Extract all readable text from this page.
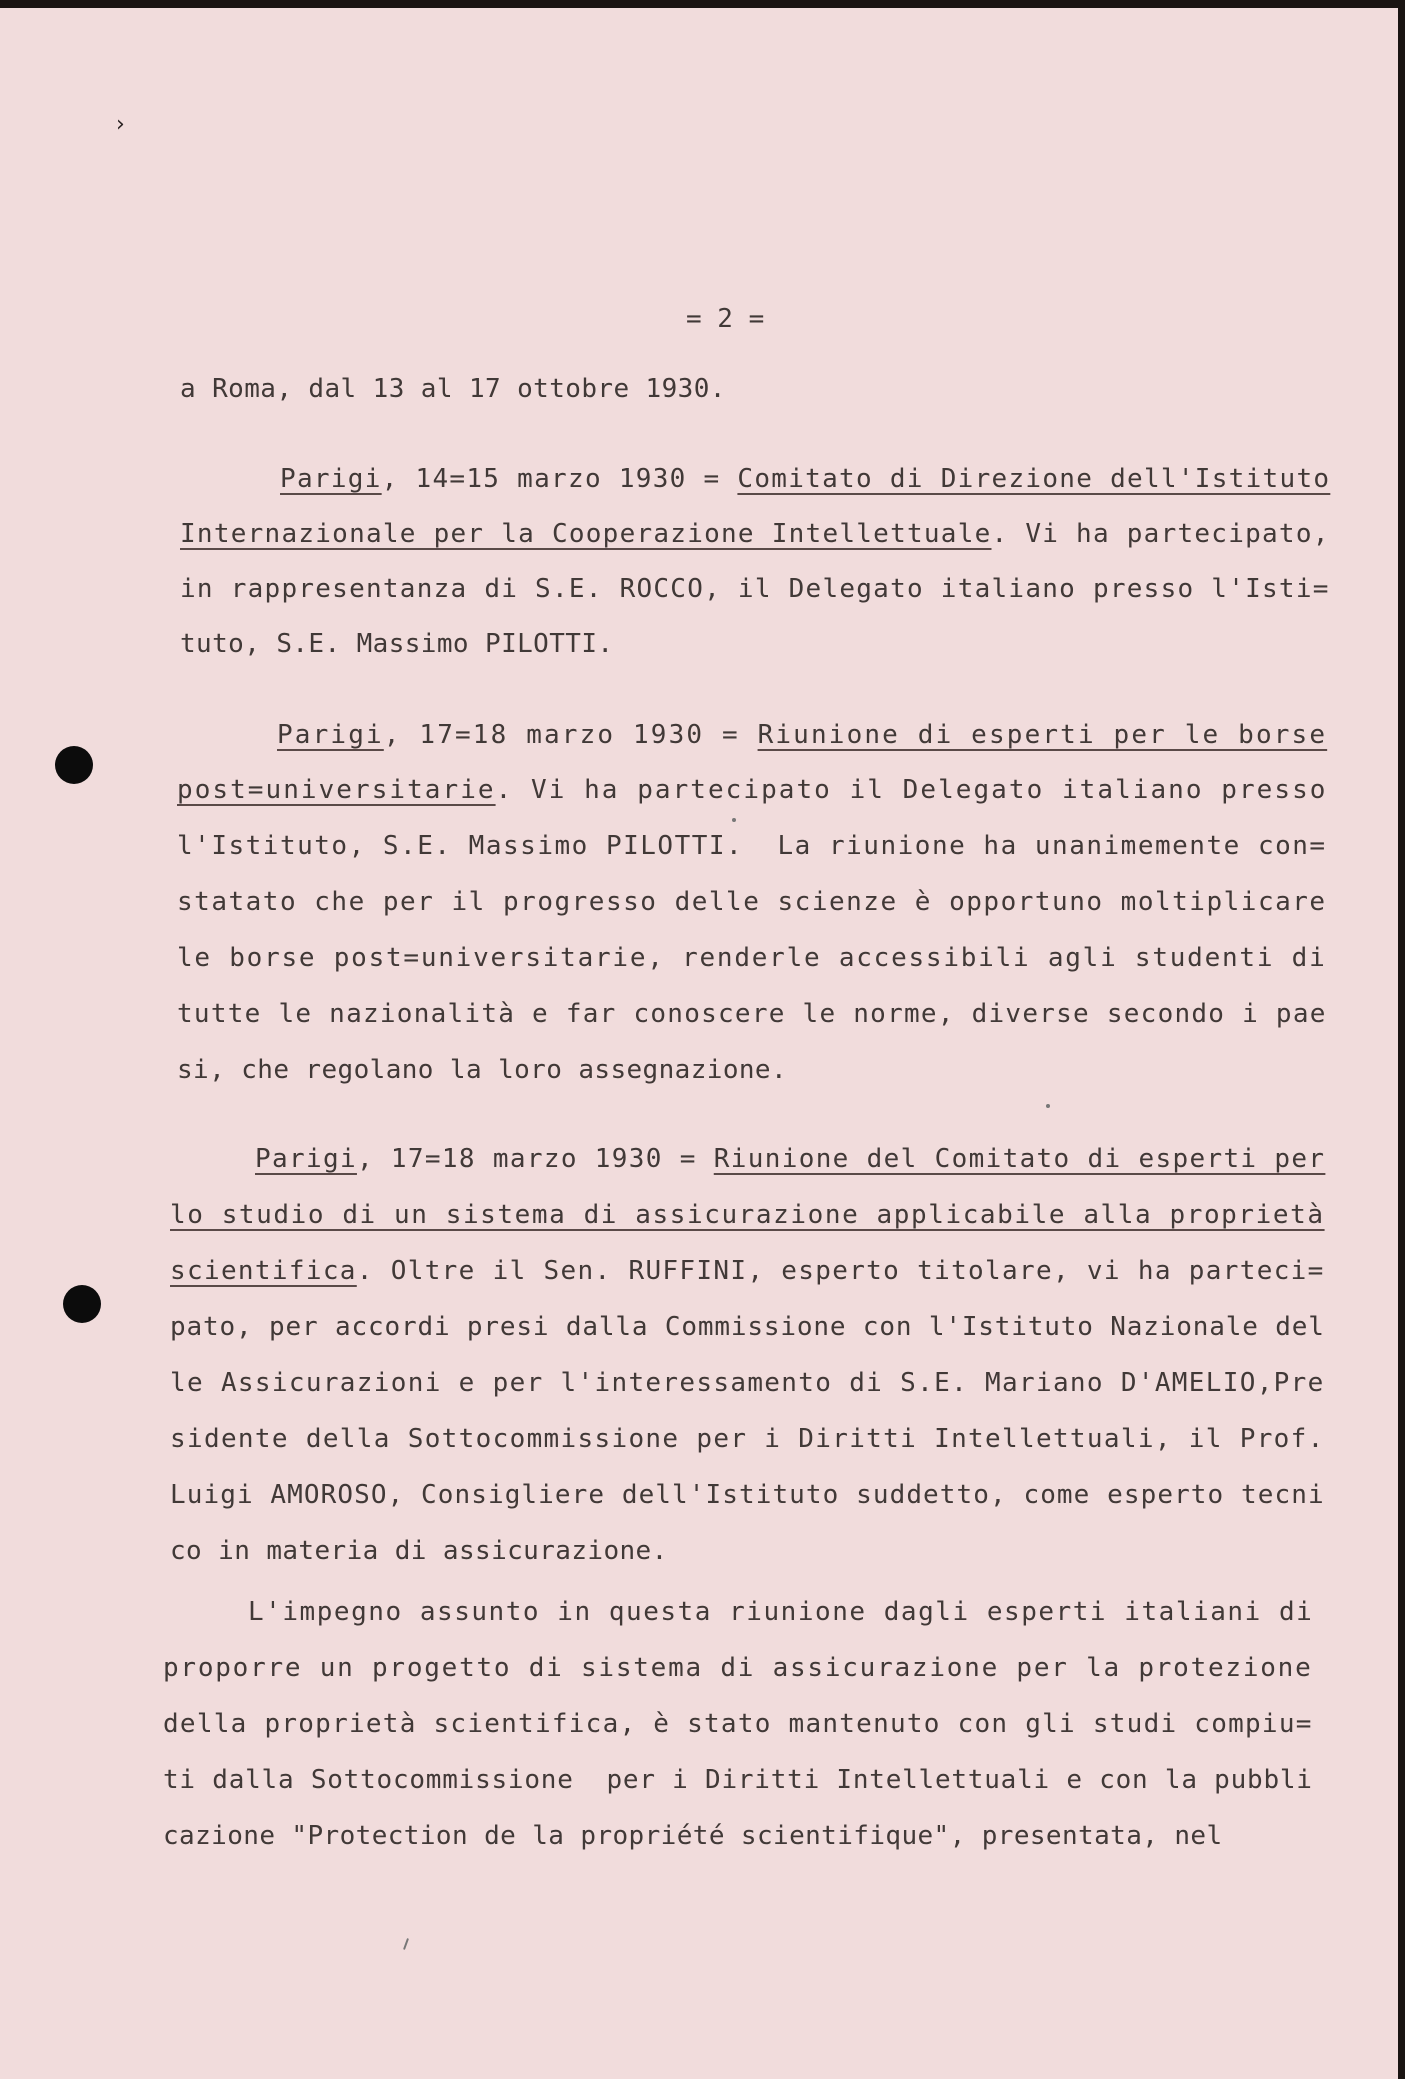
›

= 2 =

a Roma, dal 13 al 17 ottobre 1930.

Parigi, 14=15 marzo 1930 = Comitato di Direzione dell'Istituto

Internazionale per la Cooperazione Intellettuale. Vi ha partecipato,

in rappresentanza di S.E. ROCCO, il Delegato italiano presso l'Isti=

tuto, S.E. Massimo PILOTTI.

Parigi, 17=18 marzo 1930 = Riunione di esperti per le borse

post=universitarie. Vi ha partecipato il Delegato italiano presso

l'Istituto, S.E. Massimo PILOTTI.  La riunione ha unanimemente con=

statato che per il progresso delle scienze è opportuno moltiplicare

le borse post=universitarie, renderle accessibili agli studenti di

tutte le nazionalità e far conoscere le norme, diverse secondo i pae

si, che regolano la loro assegnazione.

Parigi, 17=18 marzo 1930 = Riunione del Comitato di esperti per

lo studio di un sistema di assicurazione applicabile alla proprietà

scientifica. Oltre il Sen. RUFFINI, esperto titolare, vi ha parteci=

pato, per accordi presi dalla Commissione con l'Istituto Nazionale del

le Assicurazioni e per l'interessamento di S.E. Mariano D'AMELIO,Pre

sidente della Sottocommissione per i Diritti Intellettuali, il Prof.

Luigi AMOROSO, Consigliere dell'Istituto suddetto, come esperto tecni

co in materia di assicurazione.

L'impegno assunto in questa riunione dagli esperti italiani di

proporre un progetto di sistema di assicurazione per la protezione

della proprietà scientifica, è stato mantenuto con gli studi compiu=

ti dalla Sottocommissione  per i Diritti Intellettuali e con la pubbli

cazione "Protection de la propriété scientifique", presentata, nel
